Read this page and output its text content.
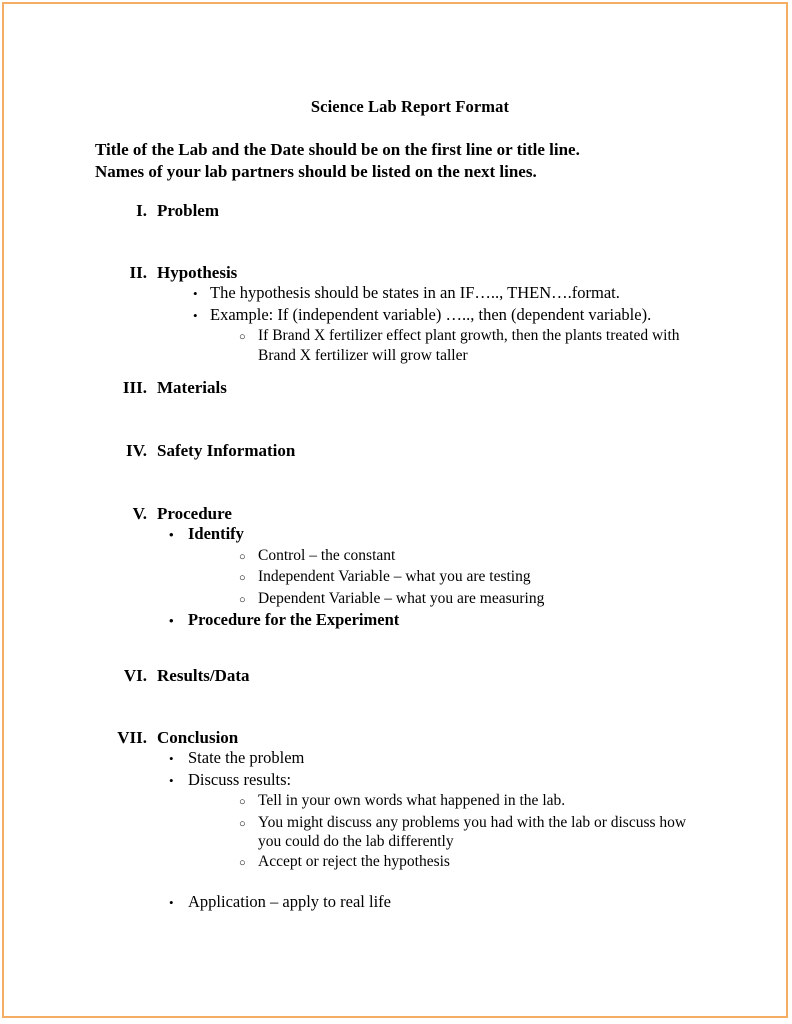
Science Lab Report Format
Title of the Lab and the Date should be on the first line or title line.
Names of your lab partners should be listed on the next lines.
I. Problem
II. Hypothesis
• The hypothesis should be states in an IF….., THEN….format.
• Example: If (independent variable) ….., then (dependent variable).
○ If Brand X fertilizer effect plant growth, then the plants treated with Brand X fertilizer will grow taller
III. Materials
IV. Safety Information
V. Procedure
• Identify
○ Control – the constant
○ Independent Variable – what you are testing
○ Dependent Variable – what you are measuring
• Procedure for the Experiment
VI. Results/Data
VII. Conclusion
• State the problem
• Discuss results:
○ Tell in your own words what happened in the lab.
○ You might discuss any problems you had with the lab or discuss how you could do the lab differently
○ Accept or reject the hypothesis
• Application – apply to real life
